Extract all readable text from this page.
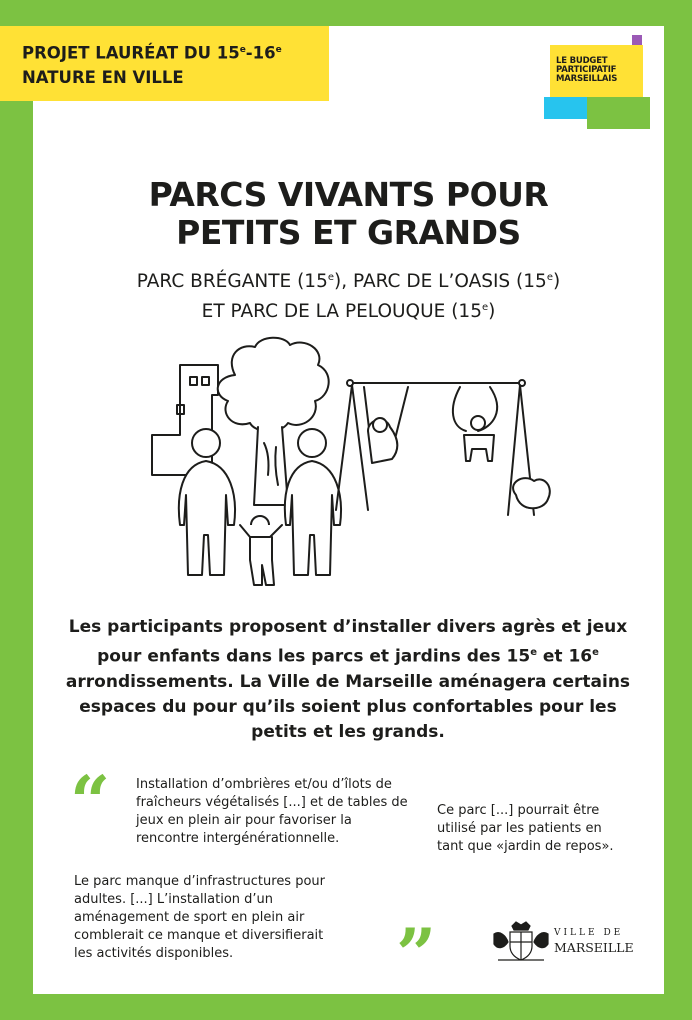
PROJET LAURÉAT DU 15e-16e
NATURE EN VILLE
LE BUDGET
PARTICIPATIF
MARSEILLAIS
PARCS VIVANTS POUR
PETITS ET GRANDS
PARC BRÉGANTE (15e), PARC DE L’OASIS (15e)
ET PARC DE LA PELOUQUE (15e)
Les participants proposent d’installer divers agrès et jeux pour enfants dans les parcs et jardins des 15e et 16e arrondissements. La Ville de Marseille aménagera certains espaces du pour qu’ils soient plus confortables pour les petits et les grands.
“ Installation d’ombrières et/ou d’îlots de fraîcheurs végétalisés [...] et de tables de jeux en plein air pour favoriser la rencontre intergénérationnelle.
Ce parc [...] pourrait être utilisé par les patients en tant que «jardin de repos».
Le parc manque d’infrastructures pour adultes. [...] L’installation d’un aménagement de sport en plein air comblerait ce manque et diversifierait les activités disponibles.	”	VILLE DE
MARSEILLE
